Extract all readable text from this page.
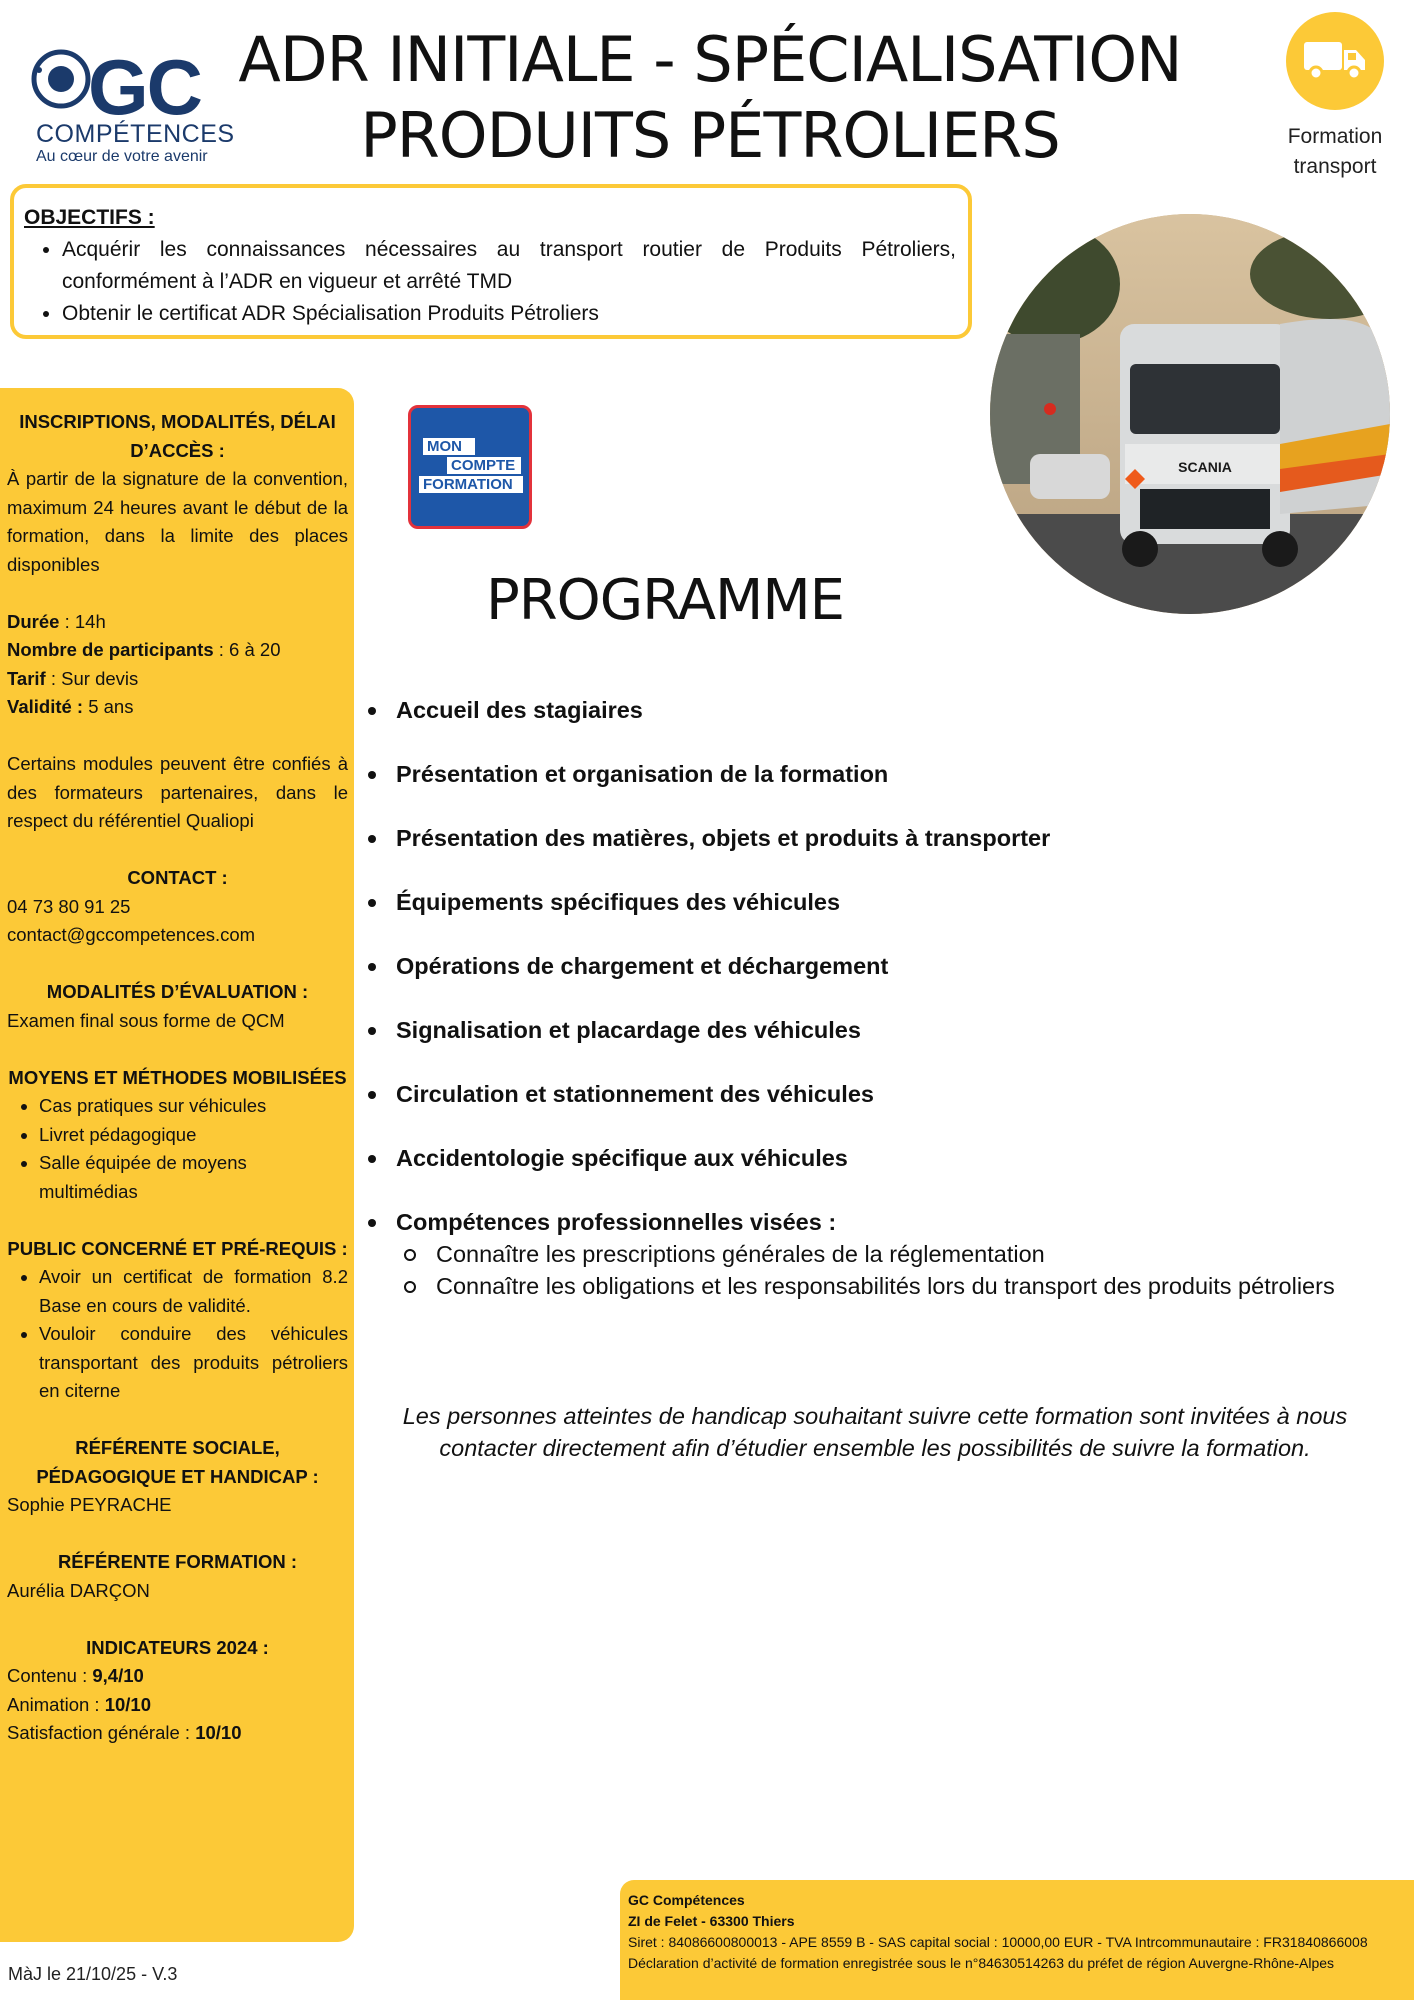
GC
COMPÉTENCES
Au cœur de votre avenir
ADR INITIALE - SPÉCIALISATION
PRODUITS PÉTROLIERS	Formation
transport
OBJECTIFS :
• Acquérir les connaissances nécessaires au transport routier de Produits Pétroliers, conformément à l’ADR en vigueur et arrêté TMD
• Obtenir le certificat ADR Spécialisation Produits Pétroliers
SCANIA
INSCRIPTIONS, MODALITÉS, DÉLAI D’ACCÈS :
À partir de la signature de la convention, maximum 24 heures avant le début de la formation, dans la limite des places disponibles
Durée : 14h
Nombre de participants : 6 à 20
Tarif : Sur devis
Validité : 5 ans
Certains modules peuvent être confiés à des formateurs partenaires, dans le respect du référentiel Qualiopi
CONTACT :
04 73 80 91 25
contact@gccompetences.com
MODALITÉS D’ÉVALUATION :
Examen final sous forme de QCM
MOYENS ET MÉTHODES MOBILISÉES
• Cas pratiques sur véhicules
• Livret pédagogique
• Salle équipée de moyens multimédias
PUBLIC CONCERNÉ ET PRÉ-REQUIS :
• Avoir un certificat de formation 8.2 Base en cours de validité.
• Vouloir conduire des véhicules transportant des produits pétroliers en citerne
RÉFÉRENTE SOCIALE, PÉDAGOGIQUE ET HANDICAP :
Sophie PEYRACHE
RÉFÉRENTE FORMATION :
Aurélia DARÇON
INDICATEURS 2024 :
Contenu : 9,4/10
Animation : 10/10
Satisfaction générale : 10/10
MON
COMPTE
FORMATION
PROGRAMME
Accueil des stagiaires
Présentation et organisation de la formation
Présentation des matières, objets et produits à transporter
Équipements spécifiques des véhicules
Opérations de chargement et déchargement
Signalisation et placardage des véhicules
Circulation et stationnement des véhicules
Accidentologie spécifique aux véhicules
Compétences professionnelles visées :
Connaître les prescriptions générales de la réglementation
Connaître les obligations et les responsabilités lors du transport des produits pétroliers
Les personnes atteintes de handicap souhaitant suivre cette formation sont invitées à nous contacter directement afin d’étudier ensemble les possibilités de suivre la formation.
GC Compétences
ZI de Felet - 63300 Thiers
Siret : 84086600800013 - APE 8559 B - SAS capital social : 10000,00 EUR - TVA Intrcommunautaire : FR31840866008
Déclaration d’activité de formation enregistrée sous le n°84630514263 du préfet de région Auvergne-Rhône-Alpes
MàJ le 21/10/25 - V.3
